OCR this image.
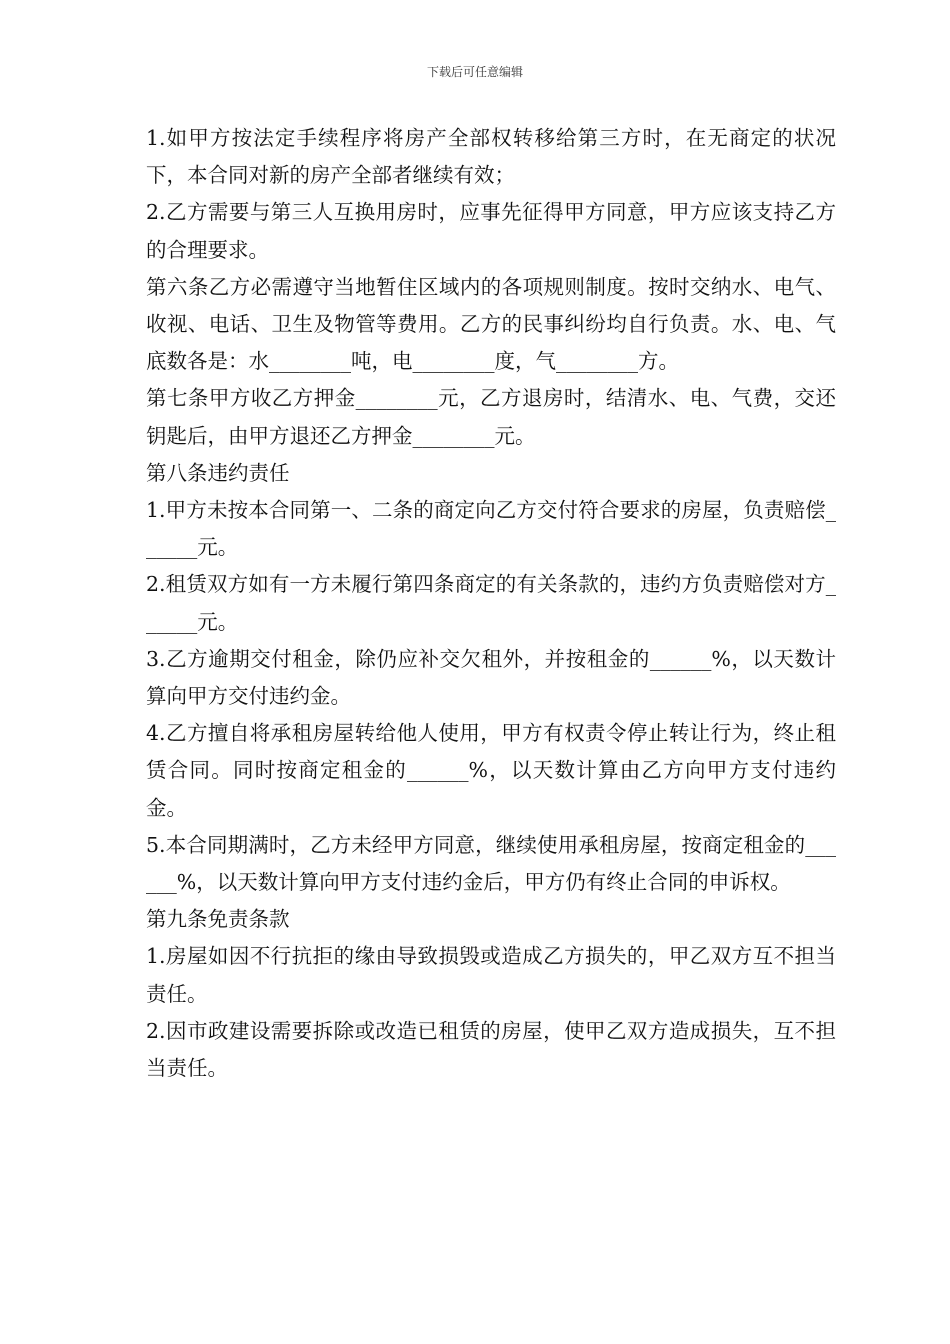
下载后可任意编辑

1.如甲方按法定手续程序将房产全部权转移给第三方时，在无商定的状况下，本合同对新的房产全部者继续有效；

2.乙方需要与第三人互换用房时，应事先征得甲方同意，甲方应该支持乙方的合理要求。

第六条乙方必需遵守当地暂住区域内的各项规则制度。按时交纳水、电气、收视、电话、卫生及物管等费用。乙方的民事纠纷均自行负责。水、电、气底数各是：水________吨，电________度，气________方。

第七条甲方收乙方押金________元，乙方退房时，结清水、电、气费，交还钥匙后，由甲方退还乙方押金________元。

第八条违约责任

1.甲方未按本合同第一、二条的商定向乙方交付符合要求的房屋，负责赔偿______元。

2.租赁双方如有一方未履行第四条商定的有关条款的，违约方负责赔偿对方______元。

3.乙方逾期交付租金，除仍应补交欠租外，并按租金的______%，以天数计算向甲方交付违约金。

4.乙方擅自将承租房屋转给他人使用，甲方有权责令停止转让行为，终止租赁合同。同时按商定租金的______%，以天数计算由乙方向甲方支付违约金。

5.本合同期满时，乙方未经甲方同意，继续使用承租房屋，按商定租金的______%，以天数计算向甲方支付违约金后，甲方仍有终止合同的申诉权。

第九条免责条款

1.房屋如因不行抗拒的缘由导致损毁或造成乙方损失的，甲乙双方互不担当责任。

2.因市政建设需要拆除或改造已租赁的房屋，使甲乙双方造成损失，互不担当责任。
